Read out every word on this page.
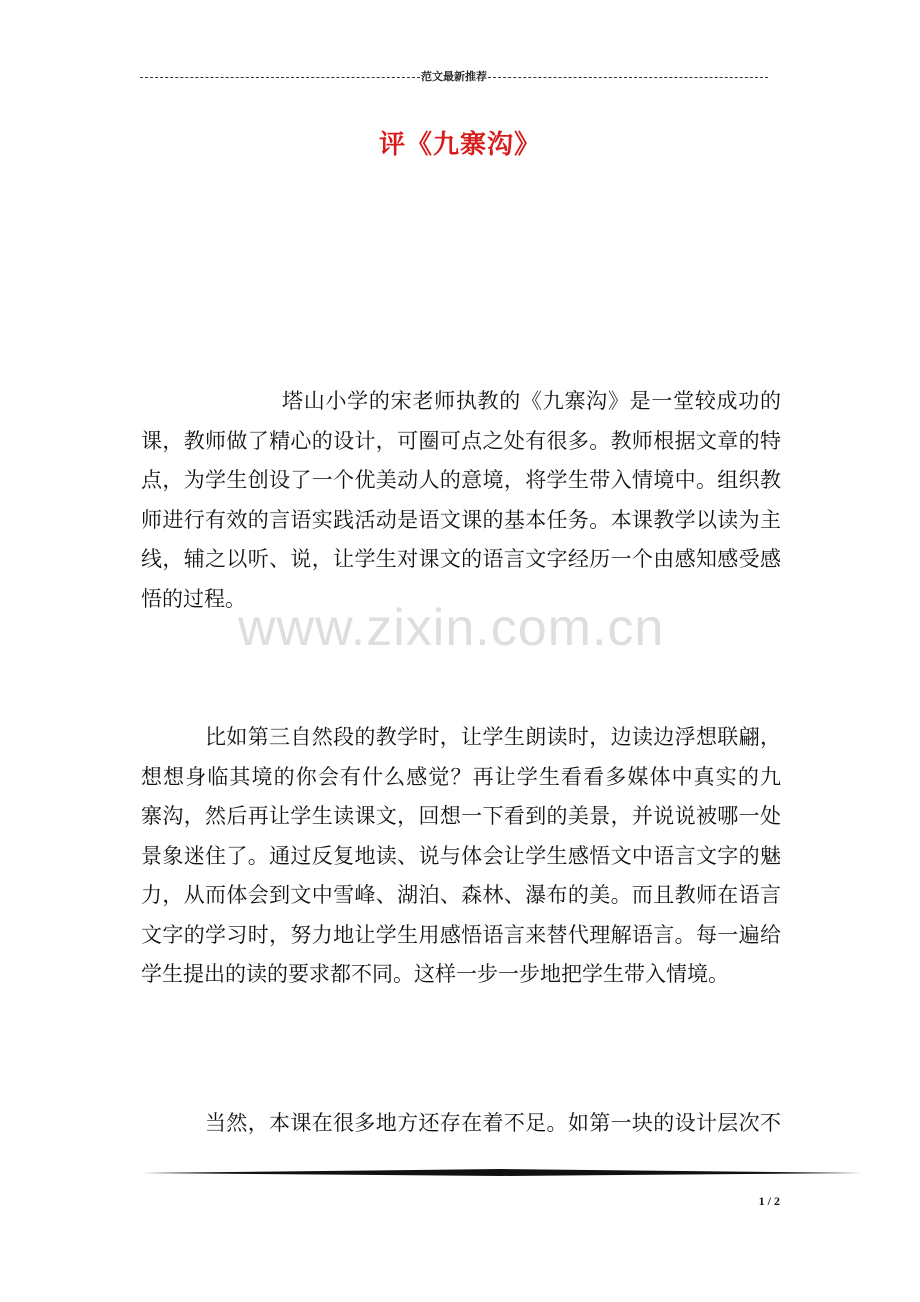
范文最新推荐
评《九寨沟》
塔山小学的宋老师执教的《九寨沟》是一堂较成功的
课，教师做了精心的设计，可圈可点之处有很多。教师根据文章的特
点，为学生创设了一个优美动人的意境，将学生带入情境中。组织教
师进行有效的言语实践活动是语文课的基本任务。本课教学以读为主
线，辅之以听、说，让学生对课文的语言文字经历一个由感知感受感
悟的过程。
www.zixin.com.cn
比如第三自然段的教学时，让学生朗读时，边读边浮想联翩，
想想身临其境的你会有什么感觉？再让学生看看多媒体中真实的九
寨沟，然后再让学生读课文，回想一下看到的美景，并说说被哪一处
景象迷住了。通过反复地读、说与体会让学生感悟文中语言文字的魅
力，从而体会到文中雪峰、湖泊、森林、瀑布的美。而且教师在语言
文字的学习时，努力地让学生用感悟语言来替代理解语言。每一遍给
学生提出的读的要求都不同。这样一步一步地把学生带入情境。
当然，本课在很多地方还存在着不足。如第一块的设计层次不
1 / 2
